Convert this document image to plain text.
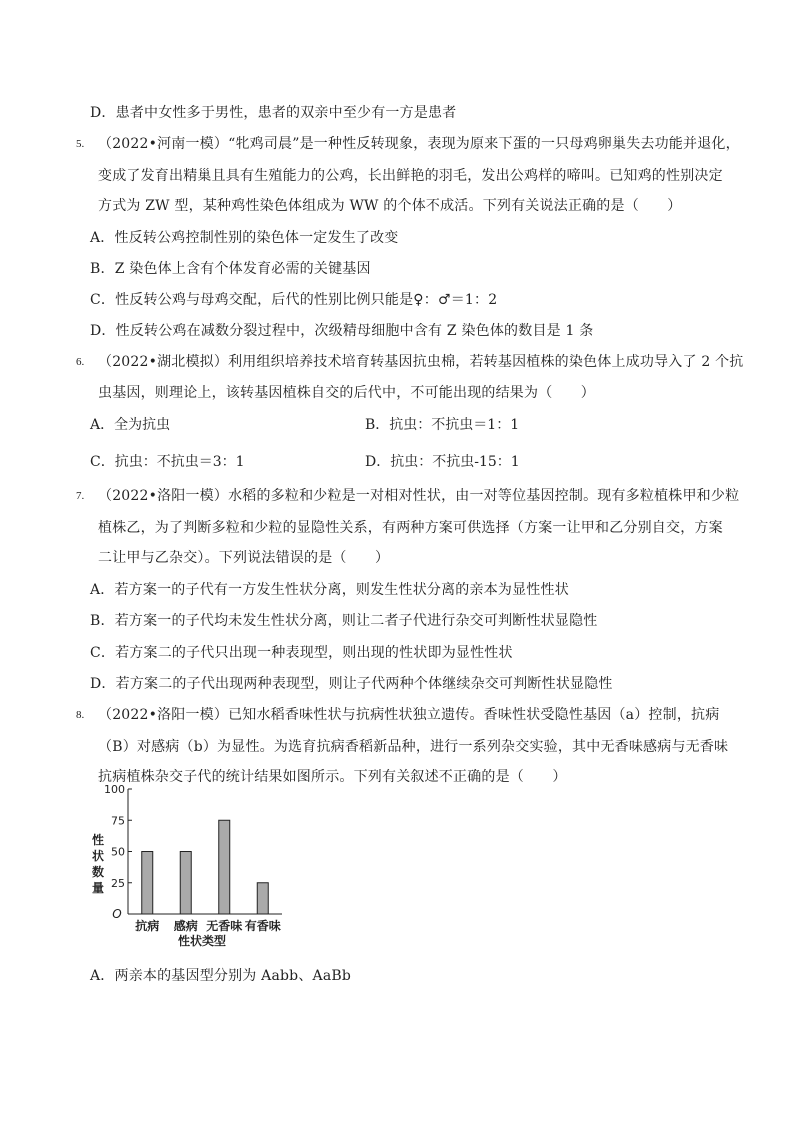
D．患者中女性多于男性，患者的双亲中至少有一方是患者
5. （2022•河南一模）“牝鸡司晨”是一种性反转现象，表现为原来下蛋的一只母鸡卵巢失去功能并退化，
变成了发育出精巢且具有生殖能力的公鸡，长出鲜艳的羽毛，发出公鸡样的啼叫。已知鸡的性别决定
方式为 ZW 型，某种鸡性染色体组成为 WW 的个体不成活。下列有关说法正确的是（　　）
A．性反转公鸡控制性别的染色体一定发生了改变
B．Z 染色体上含有个体发育必需的关键基因
C．性反转公鸡与母鸡交配，后代的性别比例只能是♀：♂＝1：2
D．性反转公鸡在减数分裂过程中，次级精母细胞中含有 Z 染色体的数目是 1 条
6. （2022•湖北模拟）利用组织培养技术培育转基因抗虫棉，若转基因植株的染色体上成功导入了 2 个抗
虫基因，则理论上，该转基因植株自交的后代中，不可能出现的结果为（　　）
A．全为抗虫	B．抗虫：不抗虫＝1：1
C．抗虫：不抗虫＝3：1	D．抗虫：不抗虫-15：1
7. （2022•洛阳一模）水稻的多粒和少粒是一对相对性状，由一对等位基因控制。现有多粒植株甲和少粒
植株乙，为了判断多粒和少粒的显隐性关系，有两种方案可供选择（方案一让甲和乙分别自交，方案
二让甲与乙杂交）。下列说法错误的是（　　）
A．若方案一的子代有一方发生性状分离，则发生性状分离的亲本为显性性状
B．若方案一的子代均未发生性状分离，则让二者子代进行杂交可判断性状显隐性
C．若方案二的子代只出现一种表现型，则出现的性状即为显性性状
D．若方案二的子代出现两种表现型，则让子代两种个体继续杂交可判断性状显隐性
8. （2022•洛阳一模）已知水稻香味性状与抗病性状独立遗传。香味性状受隐性基因（a）控制，抗病
（B）对感病（b）为显性。为选育抗病香稻新品种，进行一系列杂交实验，其中无香味感病与无香味
抗病植株杂交子代的统计结果如图所示。下列有关叙述不正确的是（　　）
100
75
50
25
性
状
数
量
O
抗病 感病 无香味 有香味
性状类型
A．两亲本的基因型分别为 Aabb、AaBb
